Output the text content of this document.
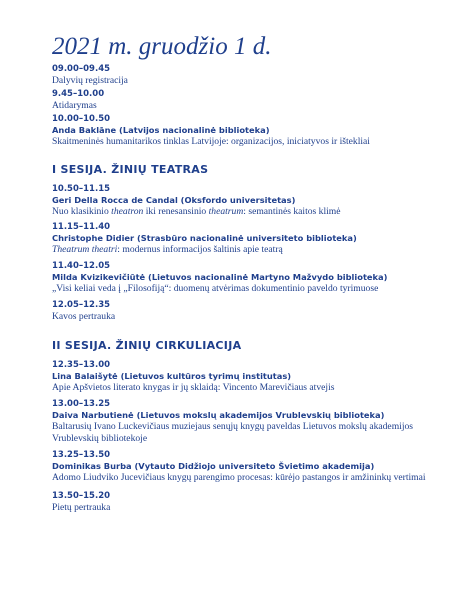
2021 m. gruodžio 1 d.
09.00–09.45
Dalyvių registracija
9.45–10.00
Atidarymas
10.00–10.50
Anda Baklāne (Latvijos nacionalinė biblioteka)
Skaitmeninės humanitarikos tinklas Latvijoje: organizacijos, iniciatyvos ir ištekliai
I SESIJA. ŽINIŲ TEATRAS
10.50–11.15
Geri Della Rocca de Candal (Oksfordo universitetas)
Nuo klasikinio theatron iki renesansinio theatrum: semantinės kaitos klimė
11.15–11.40
Christophe Didier (Strasbūro nacionalinė universiteto biblioteka)
Theatrum theatri: modernus informacijos šaltinis apie teatrą
11.40–12.05
Milda Kvizikevičiūtė (Lietuvos nacionalinė Martyno Mažvydo biblioteka)
„Visi keliai veda į „Filosofiją“: duomenų atvėrimas dokumentinio paveldo tyrimuose
12.05–12.35
Kavos pertrauka
II SESIJA. ŽINIŲ CIRKULIACIJA
12.35–13.00
Lina Balaišytė (Lietuvos kultūros tyrimų institutas)
Apie Apšvietos literato knygas ir jų sklaidą: Vincento Marevičiaus atvejis
13.00–13.25
Daiva Narbutienė (Lietuvos mokslų akademijos Vrublevskių biblioteka)
Baltarusių Ivano Luckevičiaus muziejaus senųjų knygų paveldas Lietuvos mokslų akademijos
Vrublevskių bibliotekoje
13.25–13.50
Dominikas Burba (Vytauto Didžiojo universiteto Švietimo akademija)
Adomo Liudviko Jucevičiaus knygų parengimo procesas: kūrėjo pastangos ir amžininkų vertimai
13.50–15.20
Pietų pertrauka
